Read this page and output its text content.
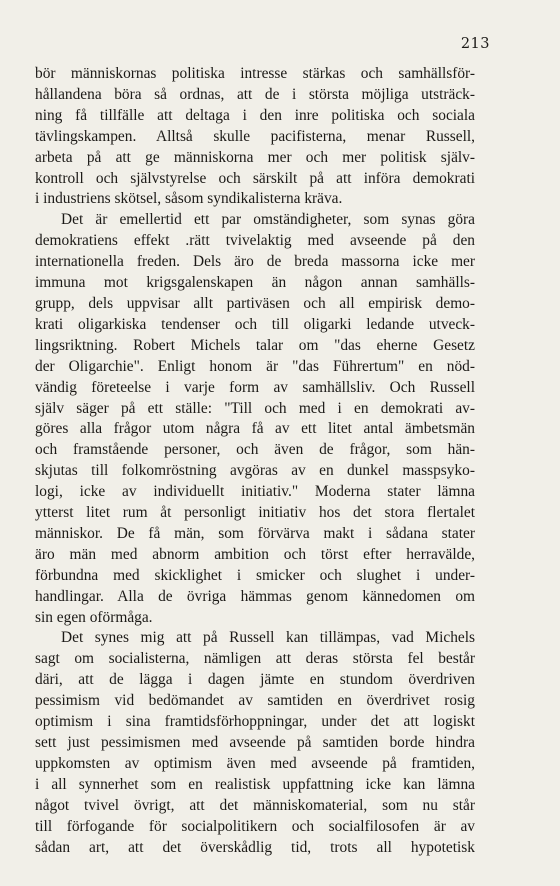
213
bör människornas politiska intresse stärkas och samhällsför-
hållandena böra så ordnas, att de i största möjliga utsträck-
ning få tillfälle att deltaga i den inre politiska och sociala
tävlingskampen. Alltså skulle pacifisterna, menar Russell,
arbeta på att ge människorna mer och mer politisk själv-
kontroll och självstyrelse och särskilt på att införa demokrati
i industriens skötsel, såsom syndikalisterna kräva.
Det är emellertid ett par omständigheter, som synas göra
demokratiens effekt .rätt tvivelaktig med avseende på den
internationella freden. Dels äro de breda massorna icke mer
immuna mot krigsgalenskapen än någon annan samhälls-
grupp, dels uppvisar allt partiväsen och all empirisk demo-
krati oligarkiska tendenser och till oligarki ledande utveck-
lingsriktning. Robert Michels talar om "das eherne Gesetz
der Oligarchie". Enligt honom är "das Führertum" en nöd-
vändig företeelse i varje form av samhällsliv. Och Russell
själv säger på ett ställe: "Till och med i en demokrati av-
göres alla frågor utom några få av ett litet antal ämbetsmän
och framstående personer, och även de frågor, som hän-
skjutas till folkomröstning avgöras av en dunkel masspsyko-
logi, icke av individuellt initiativ." Moderna stater lämna
ytterst litet rum åt personligt initiativ hos det stora flertalet
människor. De få män, som förvärva makt i sådana stater
äro män med abnorm ambition och törst efter herravälde,
förbundna med skicklighet i smicker och slughet i under-
handlingar. Alla de övriga hämmas genom kännedomen om
sin egen oförmåga.
Det synes mig att på Russell kan tillämpas, vad Michels
sagt om socialisterna, nämligen att deras största fel består
däri, att de lägga i dagen jämte en stundom överdriven
pessimism vid bedömandet av samtiden en överdrivet rosig
optimism i sina framtidsförhoppningar, under det att logiskt
sett just pessimismen med avseende på samtiden borde hindra
uppkomsten av optimism även med avseende på framtiden,
i all synnerhet som en realistisk uppfattning icke kan lämna
något tvivel övrigt, att det människomaterial, som nu står
till förfogande för socialpolitikern och socialfilosofen är av
sådan art, att det överskådlig tid, trots all hypotetisk
